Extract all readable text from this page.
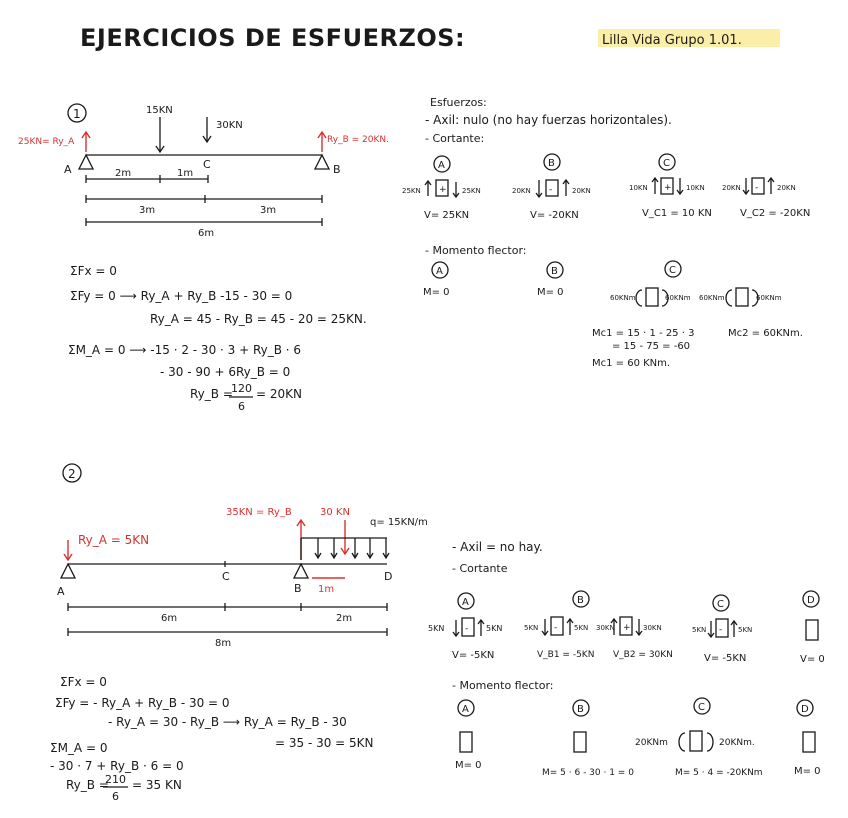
EJERCICIOS DE ESFUERZOS:	Lilla Vida Grupo 1.01.
1
A	B
C
15KN
30KN
25KN= Ry_A	Ry_B = 20KN.
2m	1m
3m	3m
6m
ΣFx = 0
ΣFy = 0 ⟶ Ry_A + Ry_B -15 - 30 = 0
Ry_A = 45 - Ry_B = 45 - 20 = 25KN.
ΣM_A = 0 ⟶ -15 · 2 - 30 · 3 + Ry_B · 6
- 30 - 90 + 6Ry_B = 0
Ry_B =
120
6
= 20KN
Esfuerzos:
- Axil: nulo (no hay fuerzas horizontales).
- Cortante:
A
25KN + 25KN
V= 25KN
B
20KN -	20KN
V= -20KN
C
10KN + 10KN
V_C1 = 10 KN
20KN -	20KN
V_C2 = -20KN
- Momento flector:
A
M= 0
B
M= 0
C
60KNm	60KNm 60KNm	60KNm
Mc1 = 15 · 1 - 25 · 3
= 15 - 75 = -60
Mc1 = 60 KNm.
Mc2 = 60KNm.
2
A
C
B
D
Ry_A = 5KN
35KN = Ry_B	30 KN
q= 15KN/m
1m
6m	2m
8m
ΣFx = 0
ΣFy = - Ry_A + Ry_B - 30 = 0
- Ry_A = 30 - Ry_B ⟶ Ry_A = Ry_B - 30
= 35 - 30 = 5KN
ΣM_A = 0
- 30 · 7 + Ry_B · 6 = 0
Ry_B =
210
6
= 35 KN
- Axil = no hay.
- Cortante
A
5KN - 5KN
V= -5KN
B
5KN - 5KN
V_B1 = -5KN
30KN + 30KN
V_B2 = 30KN
C
5KN - 5KN
V= -5KN
D
V= 0
- Momento flector:
A
M= 0
B
M= 5 · 6 - 30 · 1 = 0
C
20KNm	20KNm.
M= 5 · 4 = -20KNm
D
M= 0
